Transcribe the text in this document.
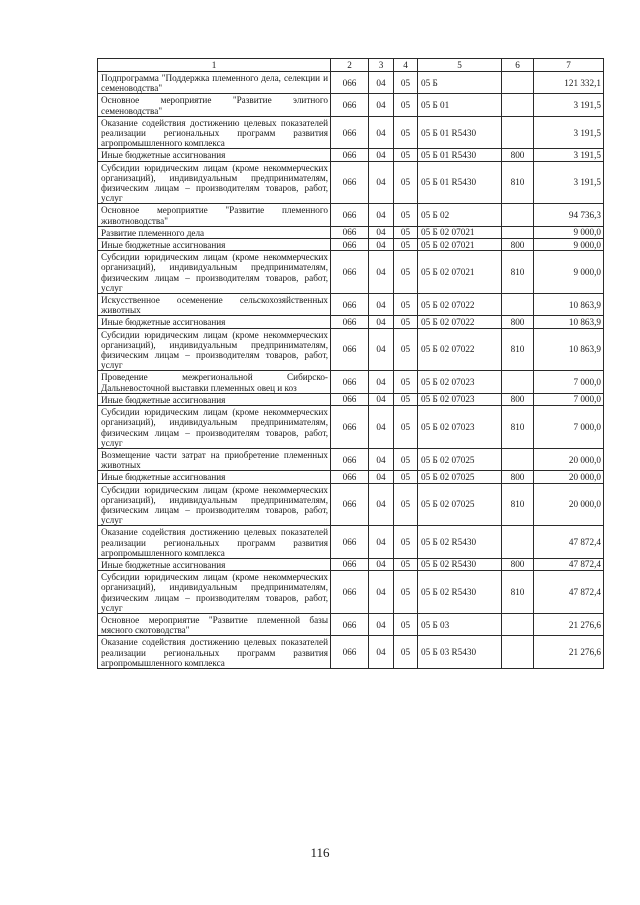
1	2	3	4	5	6	7
Подпрограмма "Поддержка племенного дела, селекции и семеноводства"	066	04	05	05 Б		121 332,1
Основное мероприятие "Развитие элитного семеноводства"	066	04	05	05 Б 01		3 191,5
Оказание содействия достижению целевых показателей реализации региональных программ развития агропромышленного комплекса	066	04	05	05 Б 01 R5430		3 191,5
Иные бюджетные ассигнования	066	04	05	05 Б 01 R5430	800	3 191,5
Субсидии юридическим лицам (кроме некоммерческих организаций), индивидуальным предпринимателям, физическим лицам – производителям товаров, работ, услуг	066	04	05	05 Б 01 R5430	810	3 191,5
Основное мероприятие "Развитие племенного животноводства"	066	04	05	05 Б 02		94 736,3
Развитие племенного дела	066	04	05	05 Б 02 07021		9 000,0
Иные бюджетные ассигнования	066	04	05	05 Б 02 07021	800	9 000,0
Субсидии юридическим лицам (кроме некоммерческих организаций), индивидуальным предпринимателям, физическим лицам – производителям товаров, работ, услуг	066	04	05	05 Б 02 07021	810	9 000,0
Искусственное осеменение сельскохозяйственных животных	066	04	05	05 Б 02 07022		10 863,9
Иные бюджетные ассигнования	066	04	05	05 Б 02 07022	800	10 863,9
Субсидии юридическим лицам (кроме некоммерческих организаций), индивидуальным предпринимателям, физическим лицам – производителям товаров, работ, услуг	066	04	05	05 Б 02 07022	810	10 863,9
Проведение межрегиональной Сибирско-Дальневосточной выставки племенных овец и коз	066	04	05	05 Б 02 07023		7 000,0
Иные бюджетные ассигнования	066	04	05	05 Б 02 07023	800	7 000,0
Субсидии юридическим лицам (кроме некоммерческих организаций), индивидуальным предпринимателям, физическим лицам – производителям товаров, работ, услуг	066	04	05	05 Б 02 07023	810	7 000,0
Возмещение части затрат на приобретение племенных животных	066	04	05	05 Б 02 07025		20 000,0
Иные бюджетные ассигнования	066	04	05	05 Б 02 07025	800	20 000,0
Субсидии юридическим лицам (кроме некоммерческих организаций), индивидуальным предпринимателям, физическим лицам – производителям товаров, работ, услуг	066	04	05	05 Б 02 07025	810	20 000,0
Оказание содействия достижению целевых показателей реализации региональных программ развития агропромышленного комплекса	066	04	05	05 Б 02 R5430		47 872,4
Иные бюджетные ассигнования	066	04	05	05 Б 02 R5430	800	47 872,4
Субсидии юридическим лицам (кроме некоммерческих организаций), индивидуальным предпринимателям, физическим лицам – производителям товаров, работ, услуг	066	04	05	05 Б 02 R5430	810	47 872,4
Основное мероприятие "Развитие племенной базы мясного скотоводства"	066	04	05	05 Б 03		21 276,6
Оказание содействия достижению целевых показателей реализации региональных программ развития агропромышленного комплекса	066	04	05	05 Б 03 R5430		21 276,6
116
